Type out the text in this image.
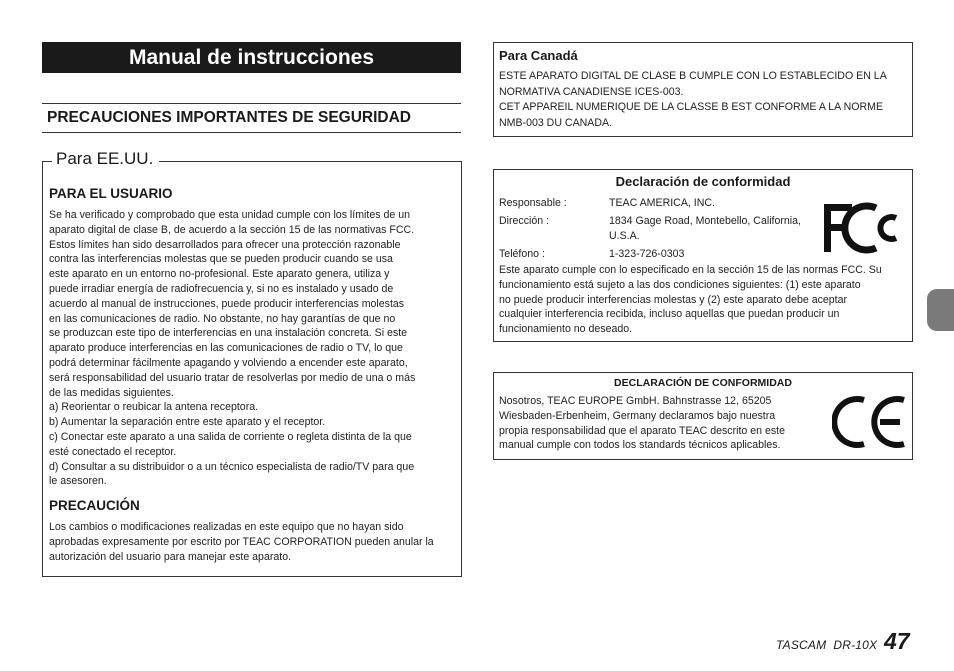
Manual de instrucciones
PRECAUCIONES IMPORTANTES DE SEGURIDAD
PARA EL USUARIO
Se ha verificado y comprobado que esta unidad cumple con los límites de un
aparato digital de clase B, de acuerdo a la sección 15 de las normativas FCC.
Estos límites han sido desarrollados para ofrecer una protección razonable
contra las interferencias molestas que se pueden producir cuando se usa
este aparato en un entorno no-profesional. Este aparato genera, utiliza y
puede irradiar energía de radiofrecuencia y, si no es instalado y usado de
acuerdo al manual de instrucciones, puede producir interferencias molestas
en las comunicaciones de radio. No obstante, no hay garantías de que no
se produzcan este tipo de interferencias en una instalación concreta. Si este
aparato produce interferencias en las comunicaciones de radio o TV, lo que
podrá determinar fácilmente apagando y volviendo a encender este aparato,
será responsabilidad del usuario tratar de resolverlas por medio de una o más
de las medidas siguientes.
a) Reorientar o reubicar la antena receptora.
b) Aumentar la separación entre este aparato y el receptor.
c) Conectar este aparato a una salida de corriente o regleta distinta de la que
esté conectado el receptor.
d) Consultar a su distribuidor o a un técnico especialista de radio/TV para que
le asesoren.
PRECAUCIÓN
Los cambios o modificaciones realizadas en este equipo que no hayan sido
aprobadas expresamente por escrito por TEAC CORPORATION pueden anular la
autorización del usuario para manejar este aparato.
Para EE.UU.
Para Canadá
ESTE APARATO DIGITAL DE CLASE B CUMPLE CON LO ESTABLECIDO EN LA
NORMATIVA CANADIENSE ICES-003.
CET APPAREIL NUMERIQUE DE LA CLASSE B EST CONFORME A LA NORME
NMB-003 DU CANADA.
Declaración de conformidad
Responsable :	TEAC AMERICA, INC.
Dirección :	1834 Gage Road, Montebello, California,
U.S.A.
Teléfono :	1-323-726-0303
Este aparato cumple con lo especificado en la sección 15 de las normas FCC. Su
funcionamiento está sujeto a las dos condiciones siguientes: (1) este aparato
no puede producir interferencias molestas y (2) este aparato debe aceptar
cualquier interferencia recibida, incluso aquellas que puedan producir un
funcionamiento no deseado.
DECLARACIÓN DE CONFORMIDAD
Nosotros, TEAC EUROPE GmbH. Bahnstrasse 12, 65205
Wiesbaden-Erbenheim, Germany declaramos bajo nuestra
propia responsabilidad que el aparato TEAC descrito en este
manual cumple con todos los standards técnicos aplicables.
TASCAM  DR-10X 47
